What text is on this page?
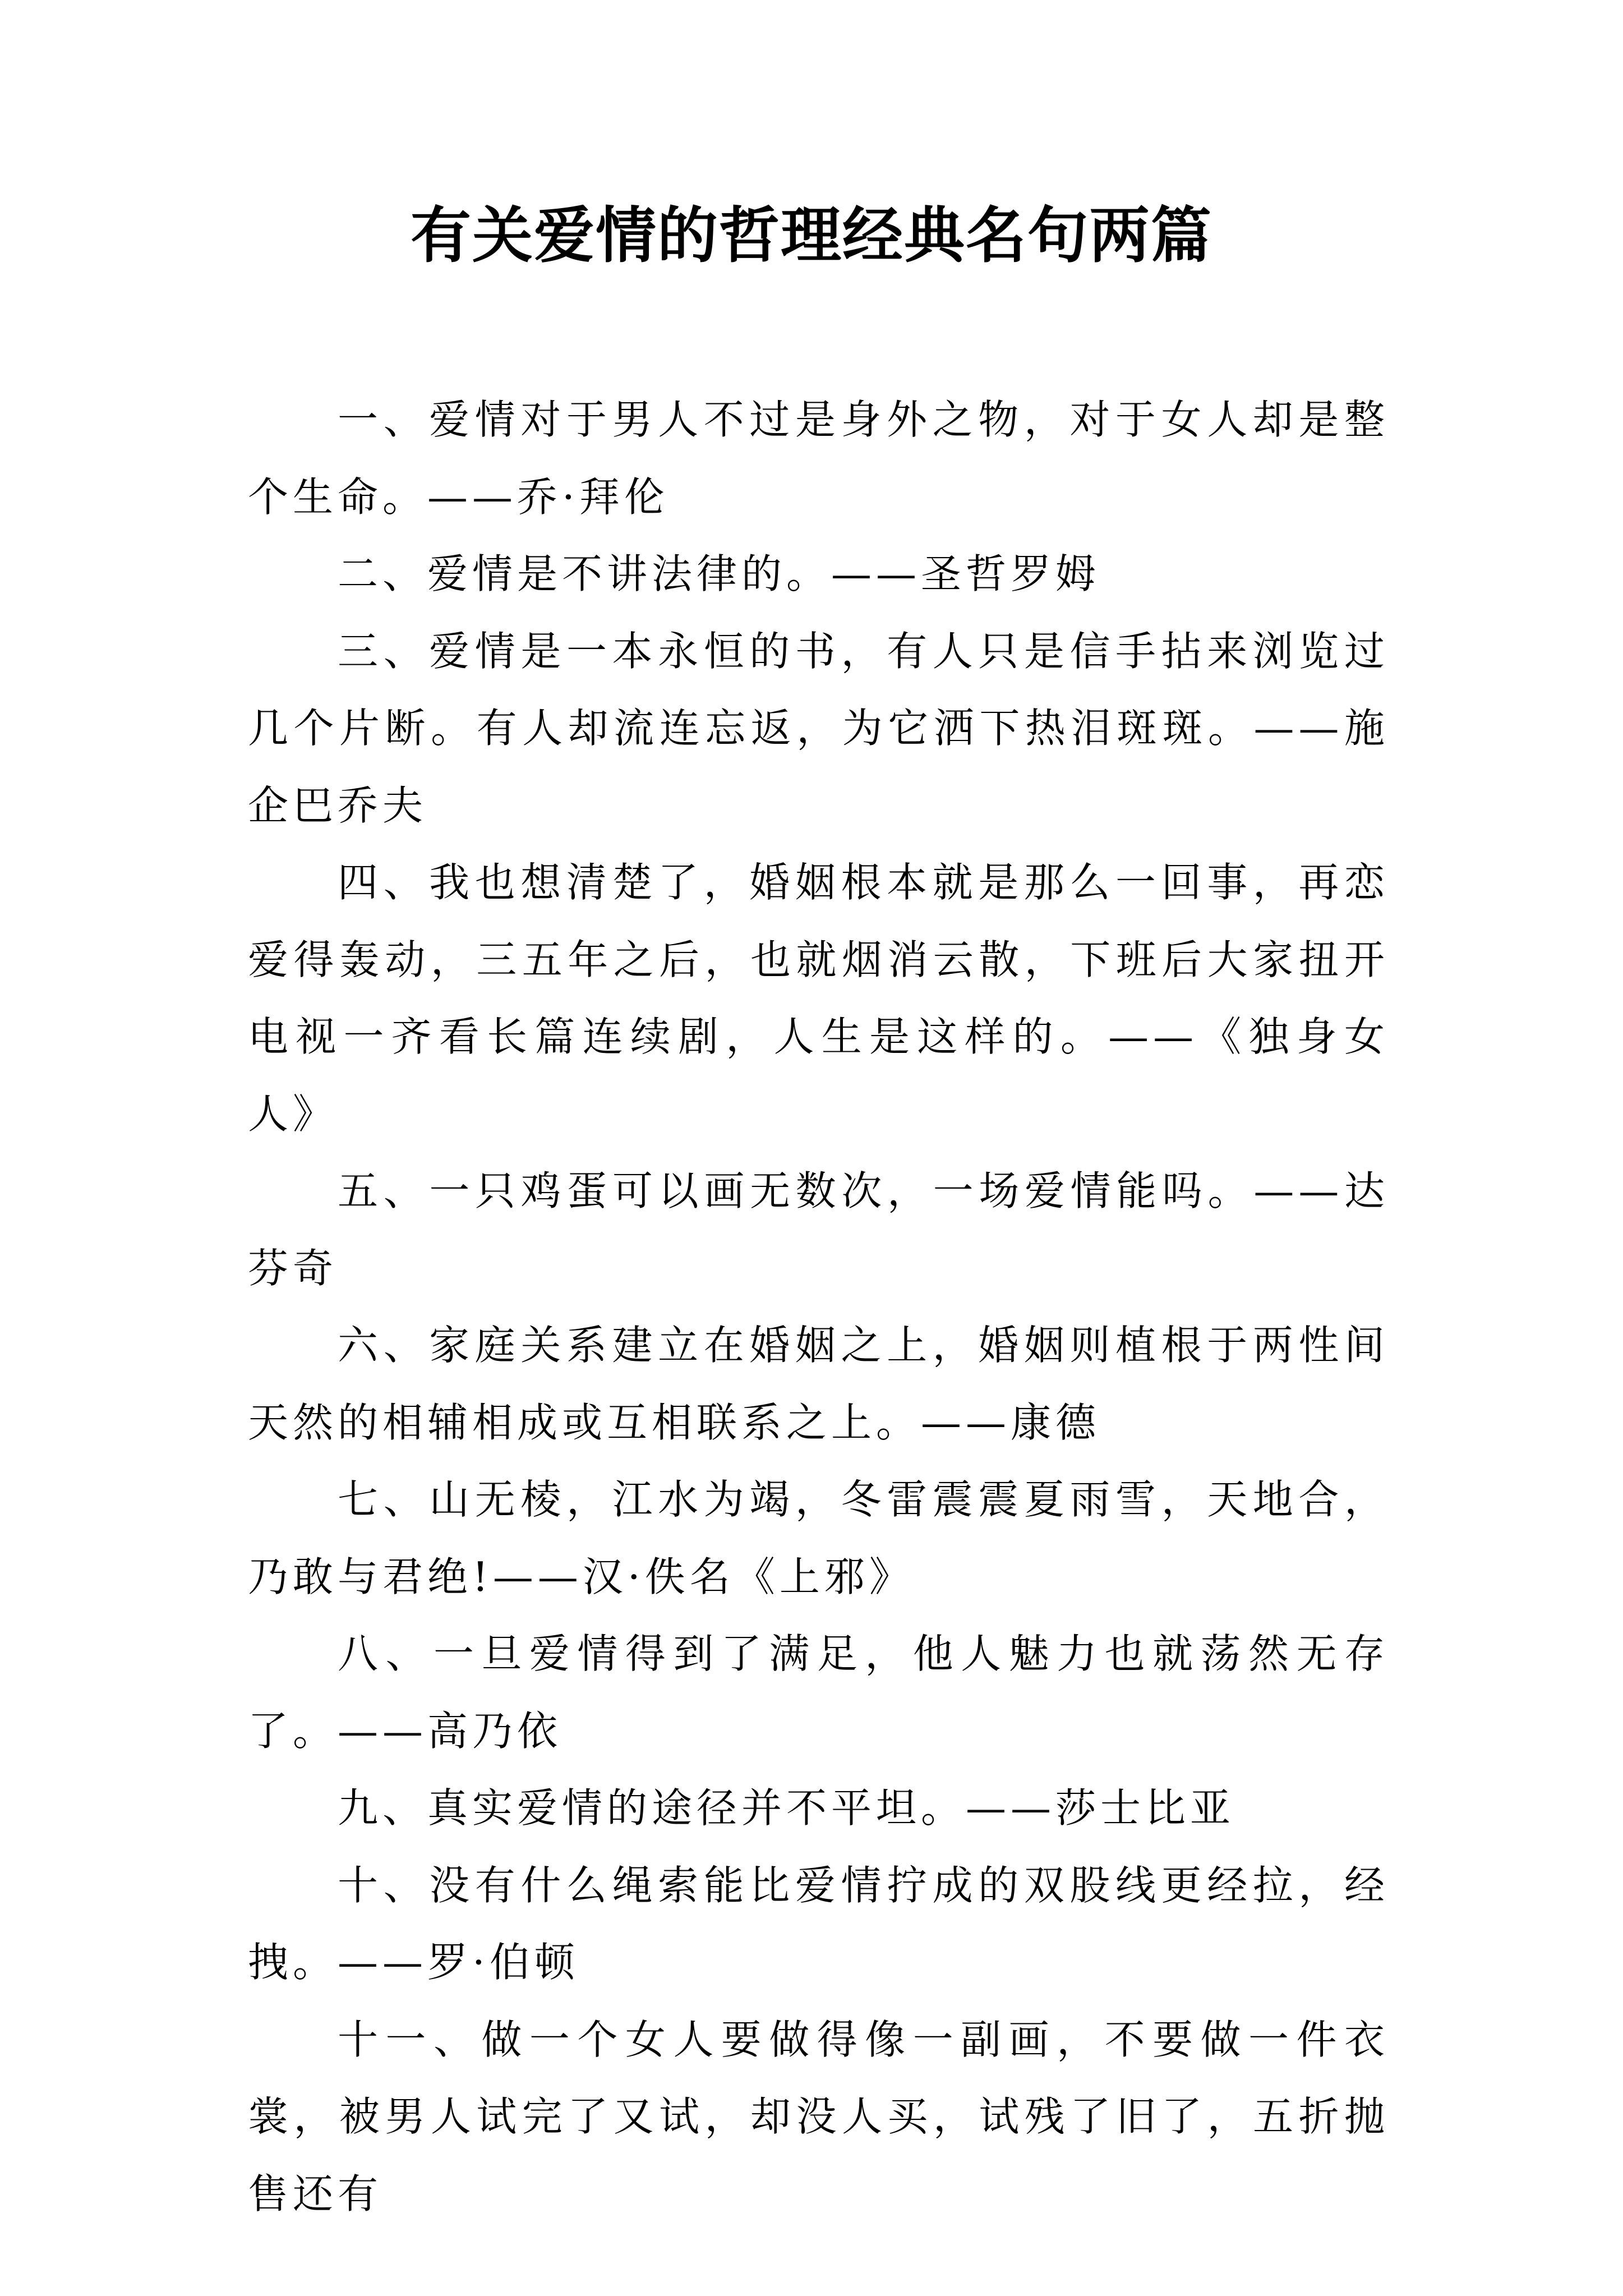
有关爱情的哲理经典名句两篇

一、爱情对于男人不过是身外之物，对于女人却是整个生命。——乔·拜伦

二、爱情是不讲法律的。——圣哲罗姆

三、爱情是一本永恒的书，有人只是信手拈来浏览过几个片断。有人却流连忘返，为它洒下热泪斑斑。——施企巴乔夫

四、我也想清楚了，婚姻根本就是那么一回事，再恋爱得轰动，三五年之后，也就烟消云散，下班后大家扭开电视一齐看长篇连续剧，人生是这样的。——《独身女人》

五、一只鸡蛋可以画无数次，一场爱情能吗。——达芬奇

六、家庭关系建立在婚姻之上，婚姻则植根于两性间天然的相辅相成或互相联系之上。——康德

七、山无棱，江水为竭，冬雷震震夏雨雪，天地合，乃敢与君绝!——汉·佚名《上邪》

八、一旦爱情得到了满足，他人魅力也就荡然无存了。——高乃依

九、真实爱情的途径并不平坦。——莎士比亚

十、没有什么绳索能比爱情拧成的双股线更经拉，经拽。——罗·伯顿

十一、做一个女人要做得像一副画，不要做一件衣裳，被男人试完了又试，却没人买，试残了旧了，五折抛售还有
